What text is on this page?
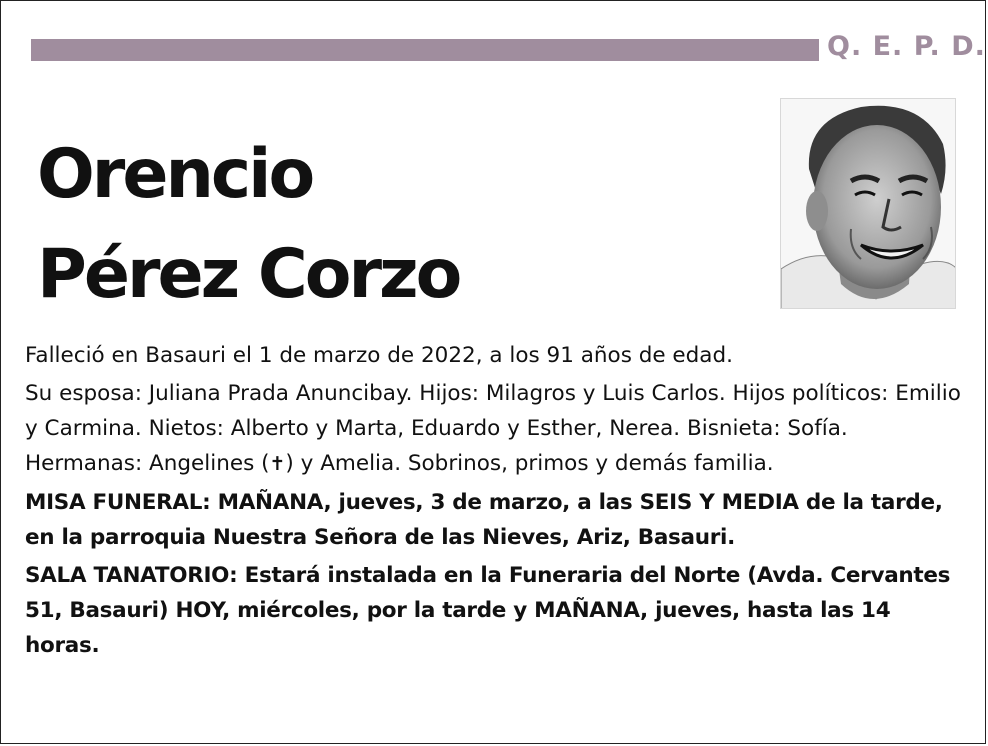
Q. E. P. D.
Orencio
Pérez Corzo

Falleció en Basauri el 1 de marzo de 2022, a los 91 años de edad.

Su esposa: Juliana Prada Anuncibay. Hijos: Milagros y Luis Carlos. Hijos políticos: Emilio y Carmina. Nietos: Alberto y Marta, Eduardo y Esther, Nerea. Bisnieta: Sofía. Hermanas: Angelines (✝) y Amelia. Sobrinos, primos y demás familia.

MISA FUNERAL: MAÑANA, jueves, 3 de marzo, a las SEIS Y MEDIA de la tarde, en la parroquia Nuestra Señora de las Nieves, Ariz, Basauri.

SALA TANATORIO: Estará instalada en la Funeraria del Norte (Avda. Cervantes 51, Basauri) HOY, miércoles, por la tarde y MAÑANA, jueves, hasta las 14 horas.
